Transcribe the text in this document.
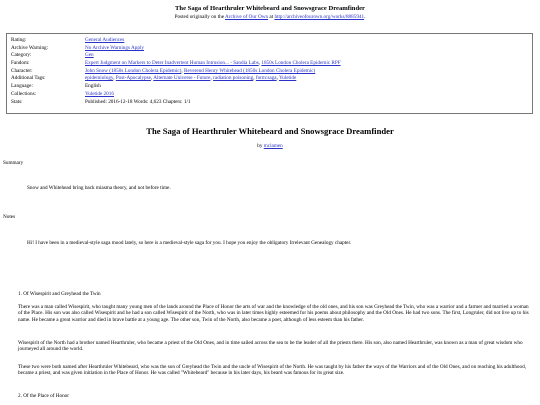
The Saga of Hearthruler Whitebeard and Snowsgrace Dreamfinder
Posted originally on the Archive of Our Own at http://archiveofourown.org/works/8885941.
Rating:	General Audiences
Archive Warning:	No Archive Warnings Apply
Category:	Gen
Fandom:	Expert Judgment on Markers to Deter Inadvertent Human Intrusion... - Sandia Labs, 1850s London Cholera Epidemic RPF
Character:	John Snow (1850s London Cholera Epidemic), Reverend Henry Whitehead (1850s London Cholera Epidemic)
Additional Tags:	epidemiology, Post-Apocalypse, Alternate Universe - Future, radiation poisoning, form:saga, Yuletide
Language:	English
Collections:	Yuletide 2016
Stats:	Published: 2016-12-18 Words: 4,623 Chapters: 1/1
The Saga of Hearthruler Whitebeard and Snowsgrace Dreamfinder
by mclamen
Summary
Snow and Whitehead bring back miasma theory, and not before time.
Notes
Hi! I have been in a medieval-style saga mood lately, so here is a medieval-style saga for you. I hope you enjoy the obligatory Irrelevant Genealogy chapter.
1. Of Wisespirit and Greyhead the Twin
There was a man called Wisespirit, who taught many young men of the lands around the Place of Honor the arts of war and the knowledge of the old ones, and his son was Greyhead the Twin, who was a warrior and a farmer and married a woman of the Place. His son was also called Wisespirit and he had a son called Wisespirit of the North, who was in later times highly esteemed for his poems about philosophy and the Old Ones. He had two sons. The first, Longruler, did not live up to his name. He became a great warrior and died in brave battle at a young age. The other son, Twin of the North, also became a poet, although of less esteem than his father.
Wisespirit of the North had a brother named Hearthruler, who became a priest of the Old Ones, and in time sailed across the sea to be the leader of all the priests there. His son, also named Hearthruler, was known as a man of great wisdom who journeyed all around the world.
These two were both named after Hearthruler Whitebeard, who was the son of Greyhead the Twin and the uncle of Wisespirit of the North. He was taught by his father the ways of the Warriors and of the Old Ones, and on reaching his adulthood, became a priest, and was given initiation in the Place of Honor. He was called "Whitebeard" because in his later days, his beard was famous for its great size.
2. Of the Place of Honor
